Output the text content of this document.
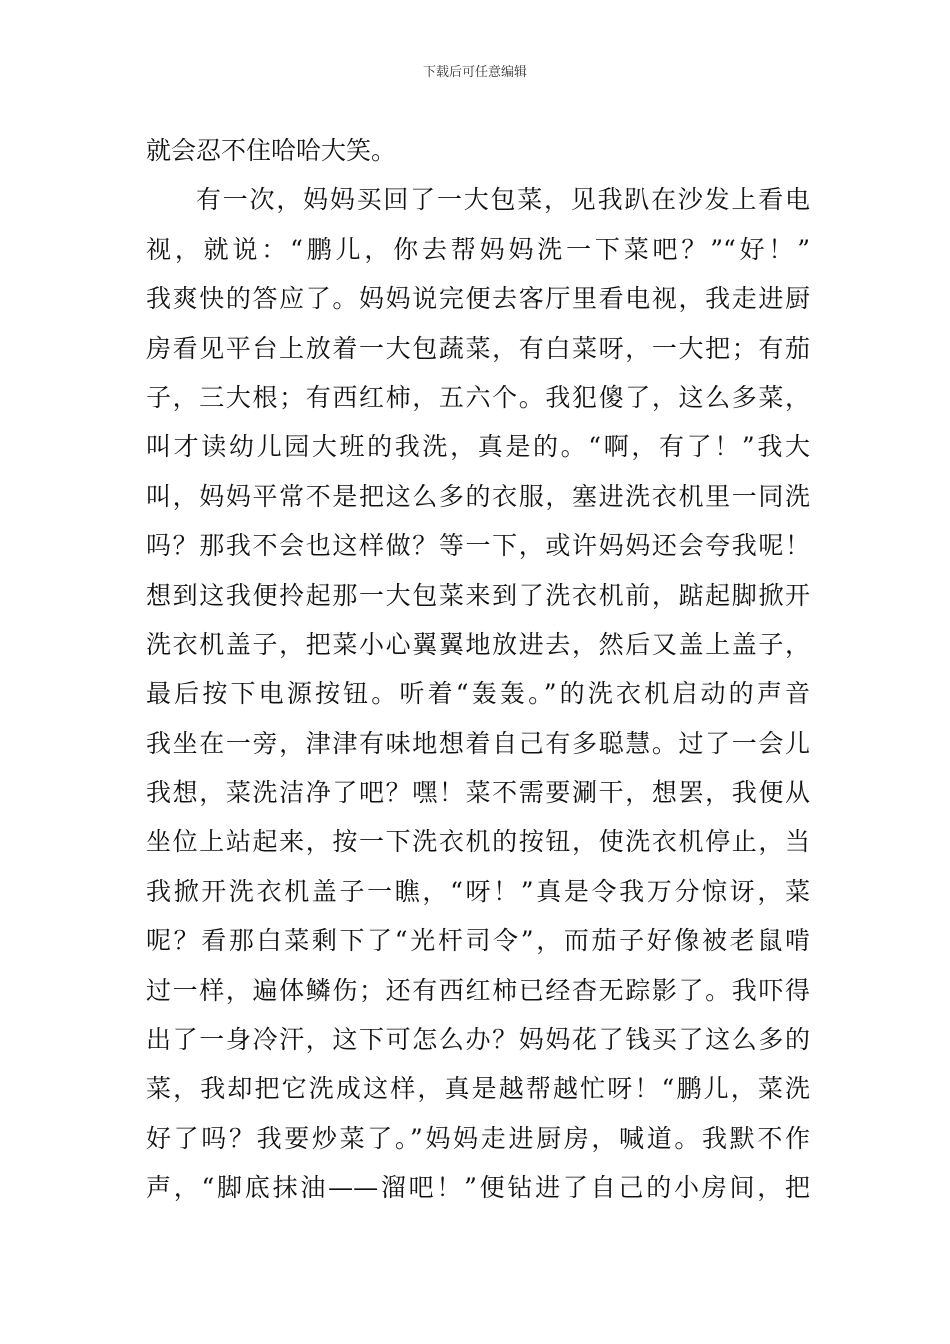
下载后可任意编辑
就会忍不住哈哈大笑。
有一次，妈妈买回了一大包菜，见我趴在沙发上看电
视，就说：“鹏儿，你去帮妈妈洗一下菜吧？”“好！”
我爽快的答应了。妈妈说完便去客厅里看电视，我走进厨
房看见平台上放着一大包蔬菜，有白菜呀，一大把；有茄
子，三大根；有西红柿，五六个。我犯傻了，这么多菜，
叫才读幼儿园大班的我洗，真是的。“啊，有了！”我大
叫，妈妈平常不是把这么多的衣服，塞进洗衣机里一同洗
吗？那我不会也这样做？等一下，或许妈妈还会夸我呢！
想到这我便拎起那一大包菜来到了洗衣机前，踮起脚掀开
洗衣机盖子，把菜小心翼翼地放进去，然后又盖上盖子，
最后按下电源按钮。听着“轰轰。”的洗衣机启动的声音
我坐在一旁，津津有味地想着自己有多聪慧。过了一会儿
我想，菜洗洁净了吧？嘿！菜不需要涮干，想罢，我便从
坐位上站起来，按一下洗衣机的按钮，使洗衣机停止，当
我掀开洗衣机盖子一瞧，“呀！”真是令我万分惊讶，菜
呢？看那白菜剩下了“光杆司令”，而茄子好像被老鼠啃
过一样，遍体鳞伤；还有西红柿已经杳无踪影了。我吓得
出了一身冷汗，这下可怎么办？妈妈花了钱买了这么多的
菜，我却把它洗成这样，真是越帮越忙呀！“鹏儿，菜洗
好了吗？我要炒菜了。”妈妈走进厨房，喊道。我默不作
声，“脚底抹油——溜吧！”便钻进了自己的小房间，把
